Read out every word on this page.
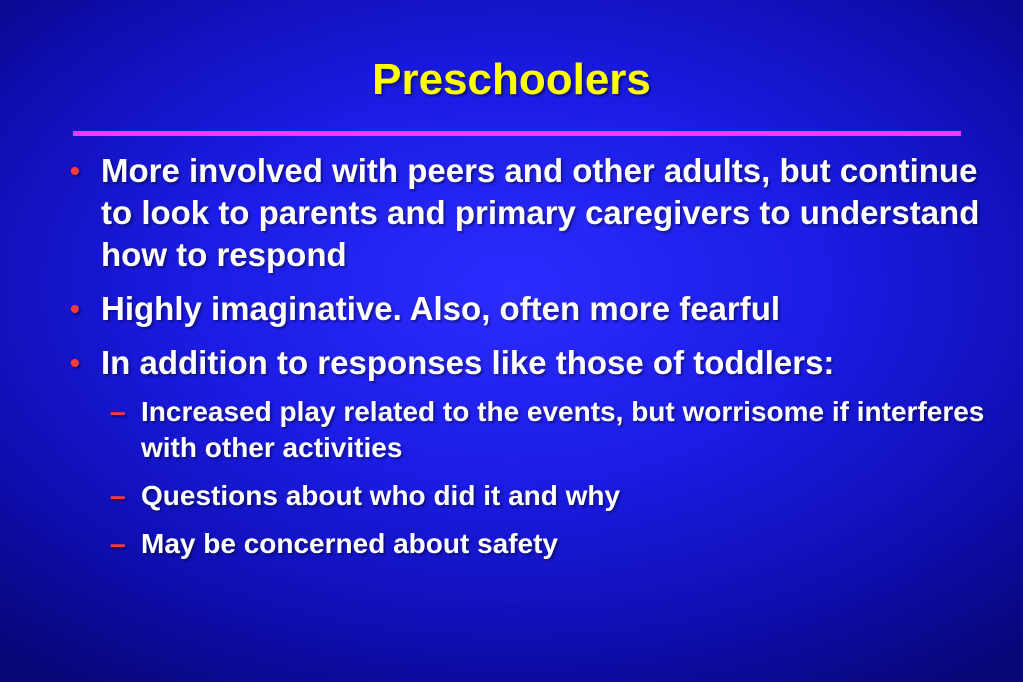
Preschoolers
• More involved with peers and other adults, but continue to look to parents and primary caregivers to understand how to respond
• Highly imaginative. Also, often more fearful
• In addition to responses like those of toddlers:
– Increased play related to the events, but worrisome if interferes with other activities
– Questions about who did it and why
– May be concerned about safety
